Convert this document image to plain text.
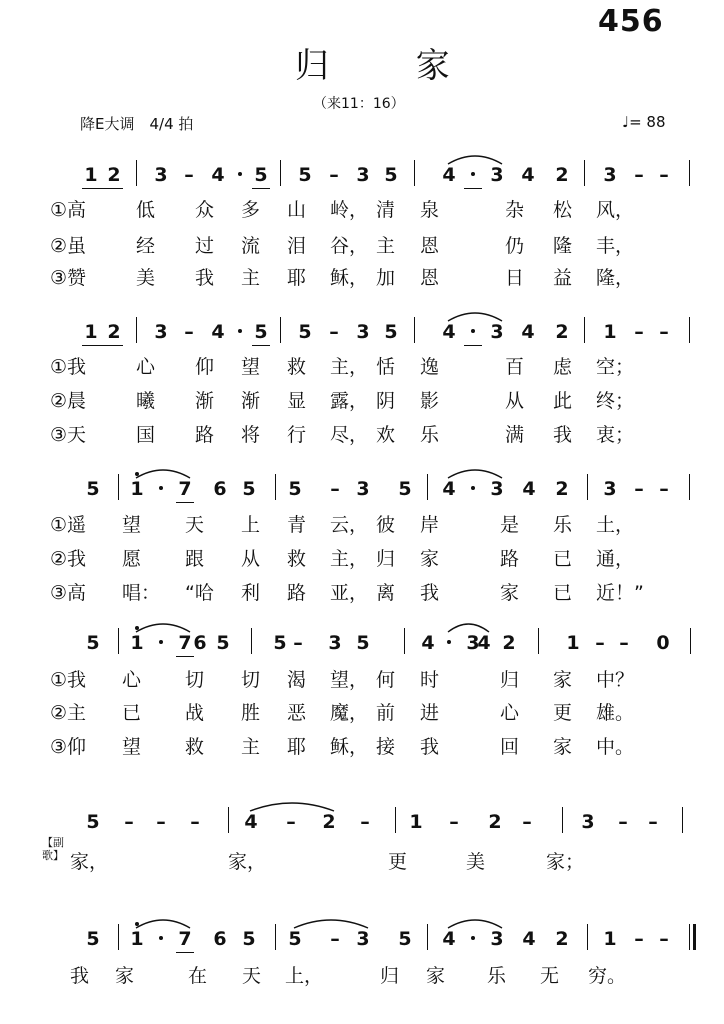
456
归 家
（来11：16）
降E大调　4/4 拍	♩= 88
【副歌】
1 2	3 – 4	5	5 – 3 5	4	3 4	2	3 – –
①高	低 众 多 山 岭， 清 泉	杂 松 风，
②虽	经 过 流 泪 谷， 主 恩	仍 隆 丰，
③赞	美 我 主 耶 稣， 加 恩	日 益 隆，
1 2	3 – 4	5	5 – 3 5	4	3 4	2	1 – –
①我	心 仰 望 救 主， 恬 逸	百 虑 空；
②晨	曦 渐 渐 显 露， 阴 影	从 此 终；
③天	国 路 将 行 尽， 欢 乐	满 我 衷；
5	1	7	6 5	5	– 3	5	4	3 4	2	3 – –
①遥 望 天 上 青 云， 彼 岸	是 乐 土，
②我 愿 跟 从 救 主， 归 家	路 已 通，
③高 唱： “哈 利 路 亚， 离 我	家 已 近！”
5	1	7 6 5	5 –	3 5	4	3
4 2	1 – –	0
①我 心 切 切 渴 望， 何 时	归 家 中？
②主 已 战 胜 恶 魔， 前 进	心 更 雄。
③仰 望 救 主 耶 稣， 接 我	回 家 中。
5	–	–	–	4	–	2	–	1	–	2	–	3	–	–
家，	家，	更	美	家；
5	1	7	6 5	5	– 3	5	4	3 4	2	1 – –
我 家	在 天 上，	归 家 乐 无 穷。
